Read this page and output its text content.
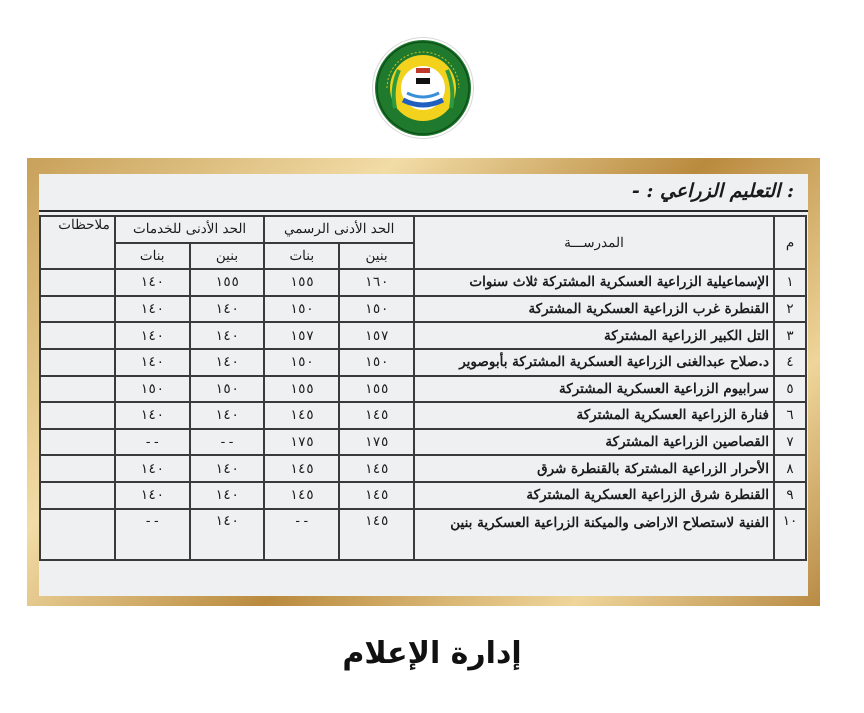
: التعليم الزراعي : -
م	المدرســـة	الحد الأدنى الرسمي		الحد الأدنى للخدمات		ملاحظات
		بنين	بنات	بنين	بنات	
١	الإسماعيلية الزراعية العسكرية المشتركة ثلاث سنوات	١٦٠	١٥٥	١٥٥	١٤٠	
٢	القنطرة غرب الزراعية العسكرية المشتركة	١٥٠	١٥٠	١٤٠	١٤٠	
٣	التل الكبير الزراعية المشتركة	١٥٧	١٥٧	١٤٠	١٤٠	
٤	د.صلاح عبدالغنى الزراعية العسكرية المشتركة بأبوصوير	١٥٠	١٥٠	١٤٠	١٤٠	
٥	سرابيوم الزراعية العسكرية المشتركة	١٥٥	١٥٥	١٥٠	١٥٠	
٦	فنارة الزراعية العسكرية المشتركة	١٤٥	١٤٥	١٤٠	١٤٠	
٧	القصاصين الزراعية المشتركة	١٧٥	١٧٥	--	--	
٨	الأحرار الزراعية المشتركة بالقنطرة شرق	١٤٥	١٤٥	١٤٠	١٤٠	
٩	القنطرة شرق الزراعية العسكرية المشتركة	١٤٥	١٤٥	١٤٠	١٤٠	
١٠	الفنية لاستصلاح الاراضى والميكنة الزراعية العسكرية بنين	١٤٥	--	١٤٠	--	
إدارة الإعلام
